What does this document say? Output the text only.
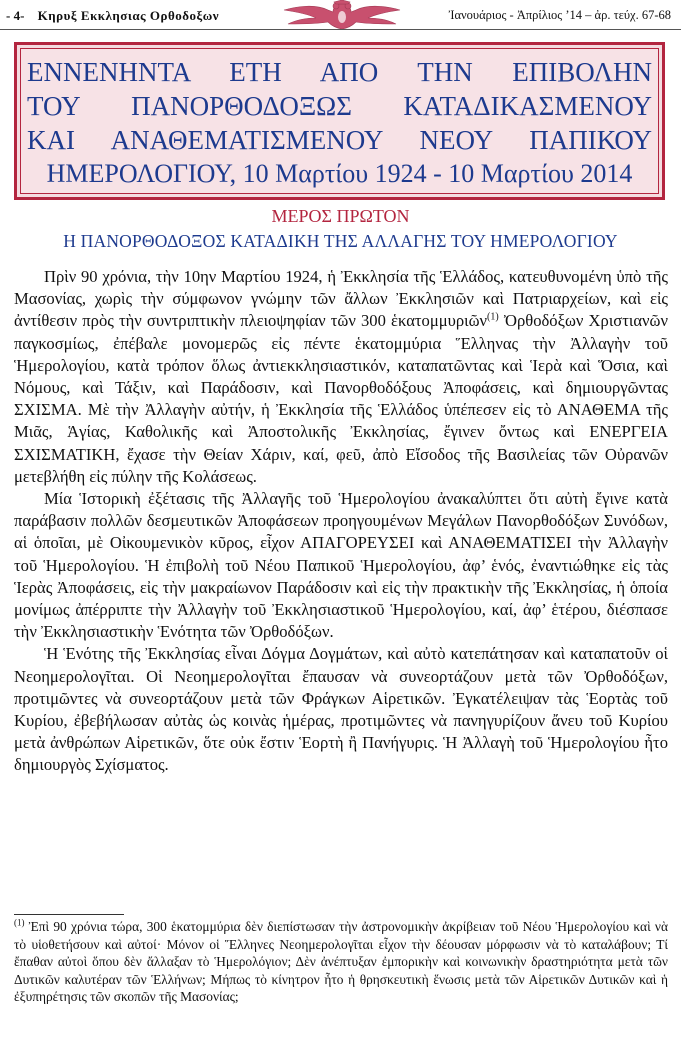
- 4- Κηρυξ Εκκλησιας Ορθοδοξων	Ἰανουάριος - Ἀπρίλιος ’14 – ἀρ. τεύχ. 67-68
ΕΝΝΕΝΗΝΤΑ ΕΤΗ ΑΠΟ ΤΗΝ ΕΠΙΒΟΛΗΝ
ΤΟΥ ΠΑΝΟΡΘΟΔΟΞΩΣ ΚΑΤΑΔΙΚΑΣΜΕΝΟΥ
ΚΑΙ ΑΝΑΘΕΜΑΤΙΣΜΕΝΟΥ ΝΕΟΥ ΠΑΠΙΚΟΥ
ΗΜΕΡΟΛΟΓΙΟΥ, 10 Μαρτίου 1924 - 10 Μαρτίου 2014
ΜΕΡΟΣ ΠΡΩΤΟΝ
Η ΠΑΝΟΡΘΟΔΟΞΟΣ ΚΑΤΑΔΙΚΗ ΤΗΣ ΑΛΛΑΓΗΣ ΤΟΥ ΗΜΕΡΟΛΟΓΙΟΥ

Πρὶν 90 χρόνια, τὴν 10ην Μαρτίου 1924, ἡ Ἐκκλησία τῆς Ἑλλάδος, κατευθυνομένη ὑπὸ τῆς Μασονίας, χωρὶς τὴν σύμφωνον γνώμην τῶν ἄλλων Ἐκκλησιῶν καὶ Πατριαρχείων, καὶ εἰς ἀντίθεσιν πρὸς τὴν συντριπτικὴν πλειοψηφίαν τῶν 300 ἑκατομμυριῶν$^{(1)}$ Ὀρθοδόξων Χριστιανῶν παγκοσμίως, ἐπέβαλε μονομερῶς εἰς πέντε ἑκατομμύρια Ἕλληνας τὴν Ἀλλαγὴν τοῦ Ἡμερολογίου, κατὰ τρόπον ὅλως ἀντιεκκλησιαστικόν, καταπατῶντας καὶ Ἱερὰ καὶ Ὅσια, καὶ Νόμους, καὶ Τάξιν, καὶ Παράδοσιν, καὶ Πανορθοδόξους Ἀποφάσεις, καὶ δημιουργῶντας ΣΧΙΣΜΑ. Μὲ τὴν Ἀλλαγὴν αὐτήν, ἡ Ἐκκλησία τῆς Ἑλλάδος ὑπέπεσεν εἰς τὸ ΑΝΑΘΕΜΑ τῆς Μιᾶς, Ἁγίας, Καθολικῆς καὶ Ἀποστολικῆς Ἐκκλησίας, ἔγινεν ὄντως καὶ ΕΝΕΡΓΕΙΑ ΣΧΙΣΜΑΤΙΚΗ, ἔχασε τὴν Θείαν Χάριν, καί, φεῦ, ἀπὸ Εἴσοδος τῆς Βασιλείας τῶν Οὐρανῶν μετεβλήθη εἰς πύλην τῆς Κολάσεως.

Μία Ἱστορικὴ ἐξέτασις τῆς Ἀλλαγῆς τοῦ Ἡμερολογίου ἀνακαλύπτει ὅτι αὐτὴ ἔγινε κατὰ παράβασιν πολλῶν δεσμευτικῶν Ἀποφάσεων προηγουμένων Μεγάλων Πανορθοδόξων Συνόδων, αἱ ὁποῖαι, μὲ Οἰκουμενικὸν κῦρος, εἶχον ΑΠΑΓΟΡΕΥΣΕΙ καὶ ΑΝΑΘΕΜΑΤΙΣΕΙ τὴν Ἀλλαγὴν τοῦ Ἡμερολογίου. Ἡ ἐπιβολὴ τοῦ Νέου Παπικοῦ Ἡμερολογίου, ἀφ’ ἑνός, ἐναντιώθηκε εἰς τὰς Ἱερὰς Ἀποφάσεις, εἰς τὴν μακραίωνον Παράδοσιν καὶ εἰς τὴν πρακτικὴν τῆς Ἐκκλησίας, ἡ ὁποία μονίμως ἀπέρριπτε τὴν Ἀλλαγὴν τοῦ Ἐκκλησιαστικοῦ Ἡμερολογίου, καί, ἀφ’ ἑτέρου, διέσπασε τὴν Ἐκκλησιαστικὴν Ἑνότητα τῶν Ὀρθοδόξων.

Ἡ Ἑνότης τῆς Ἐκκλησίας εἶναι Δόγμα Δογμάτων, καὶ αὐτὸ κατεπάτησαν καὶ καταπατοῦν οἱ Νεοημερολογῖται. Οἱ Νεοημερολογῖται ἔπαυσαν νὰ συνεορτάζουν μετὰ τῶν Ὀρθοδόξων, προτιμῶντες νὰ συνεορτάζουν μετὰ τῶν Φράγκων Αἱρετικῶν. Ἐγκατέλειψαν τὰς Ἑορτὰς τοῦ Κυρίου, ἐβεβήλωσαν αὐτὰς ὡς κοινὰς ἡμέρας, προτιμῶντες νὰ πανηγυρίζουν ἄνευ τοῦ Κυρίου μετὰ ἀνθρώπων Αἱρετικῶν, ὅτε οὐκ ἔστιν Ἑορτὴ ἢ Πανήγυρις. Ἡ Ἀλλαγὴ τοῦ Ἡμερολογίου ἦτο δημιουργὸς Σχίσματος.

$^{(1)}$ Ἐπὶ 90 χρόνια τώρα, 300 ἑκατομμύρια δὲν διεπίστωσαν τὴν ἀστρονομικὴν ἀκρίβειαν τοῦ Νέου Ἡμερολογίου καὶ νὰ τὸ υἱοθετήσουν καὶ αὐτοί· Μόνον οἱ Ἕλληνες Νεοημερολογῖται εἶχον τὴν δέουσαν μόρφωσιν νὰ τὸ καταλάβουν; Τί ἔπαθαν αὐτοὶ ὅπου δὲν ἄλλαξαν τὸ Ἡμερολόγιον; Δὲν ἀνέπτυξαν ἐμπορικὴν καὶ κοινωνικὴν δραστηριότητα μετὰ τῶν Δυτικῶν καλυτέραν τῶν Ἑλλήνων; Μήπως τὸ κίνητρον ἦτο ἡ θρησκευτικὴ ἕνωσις μετὰ τῶν Αἱρετικῶν Δυτικῶν καὶ ἡ ἐξυπηρέτησις τῶν σκοπῶν τῆς Μασονίας;
